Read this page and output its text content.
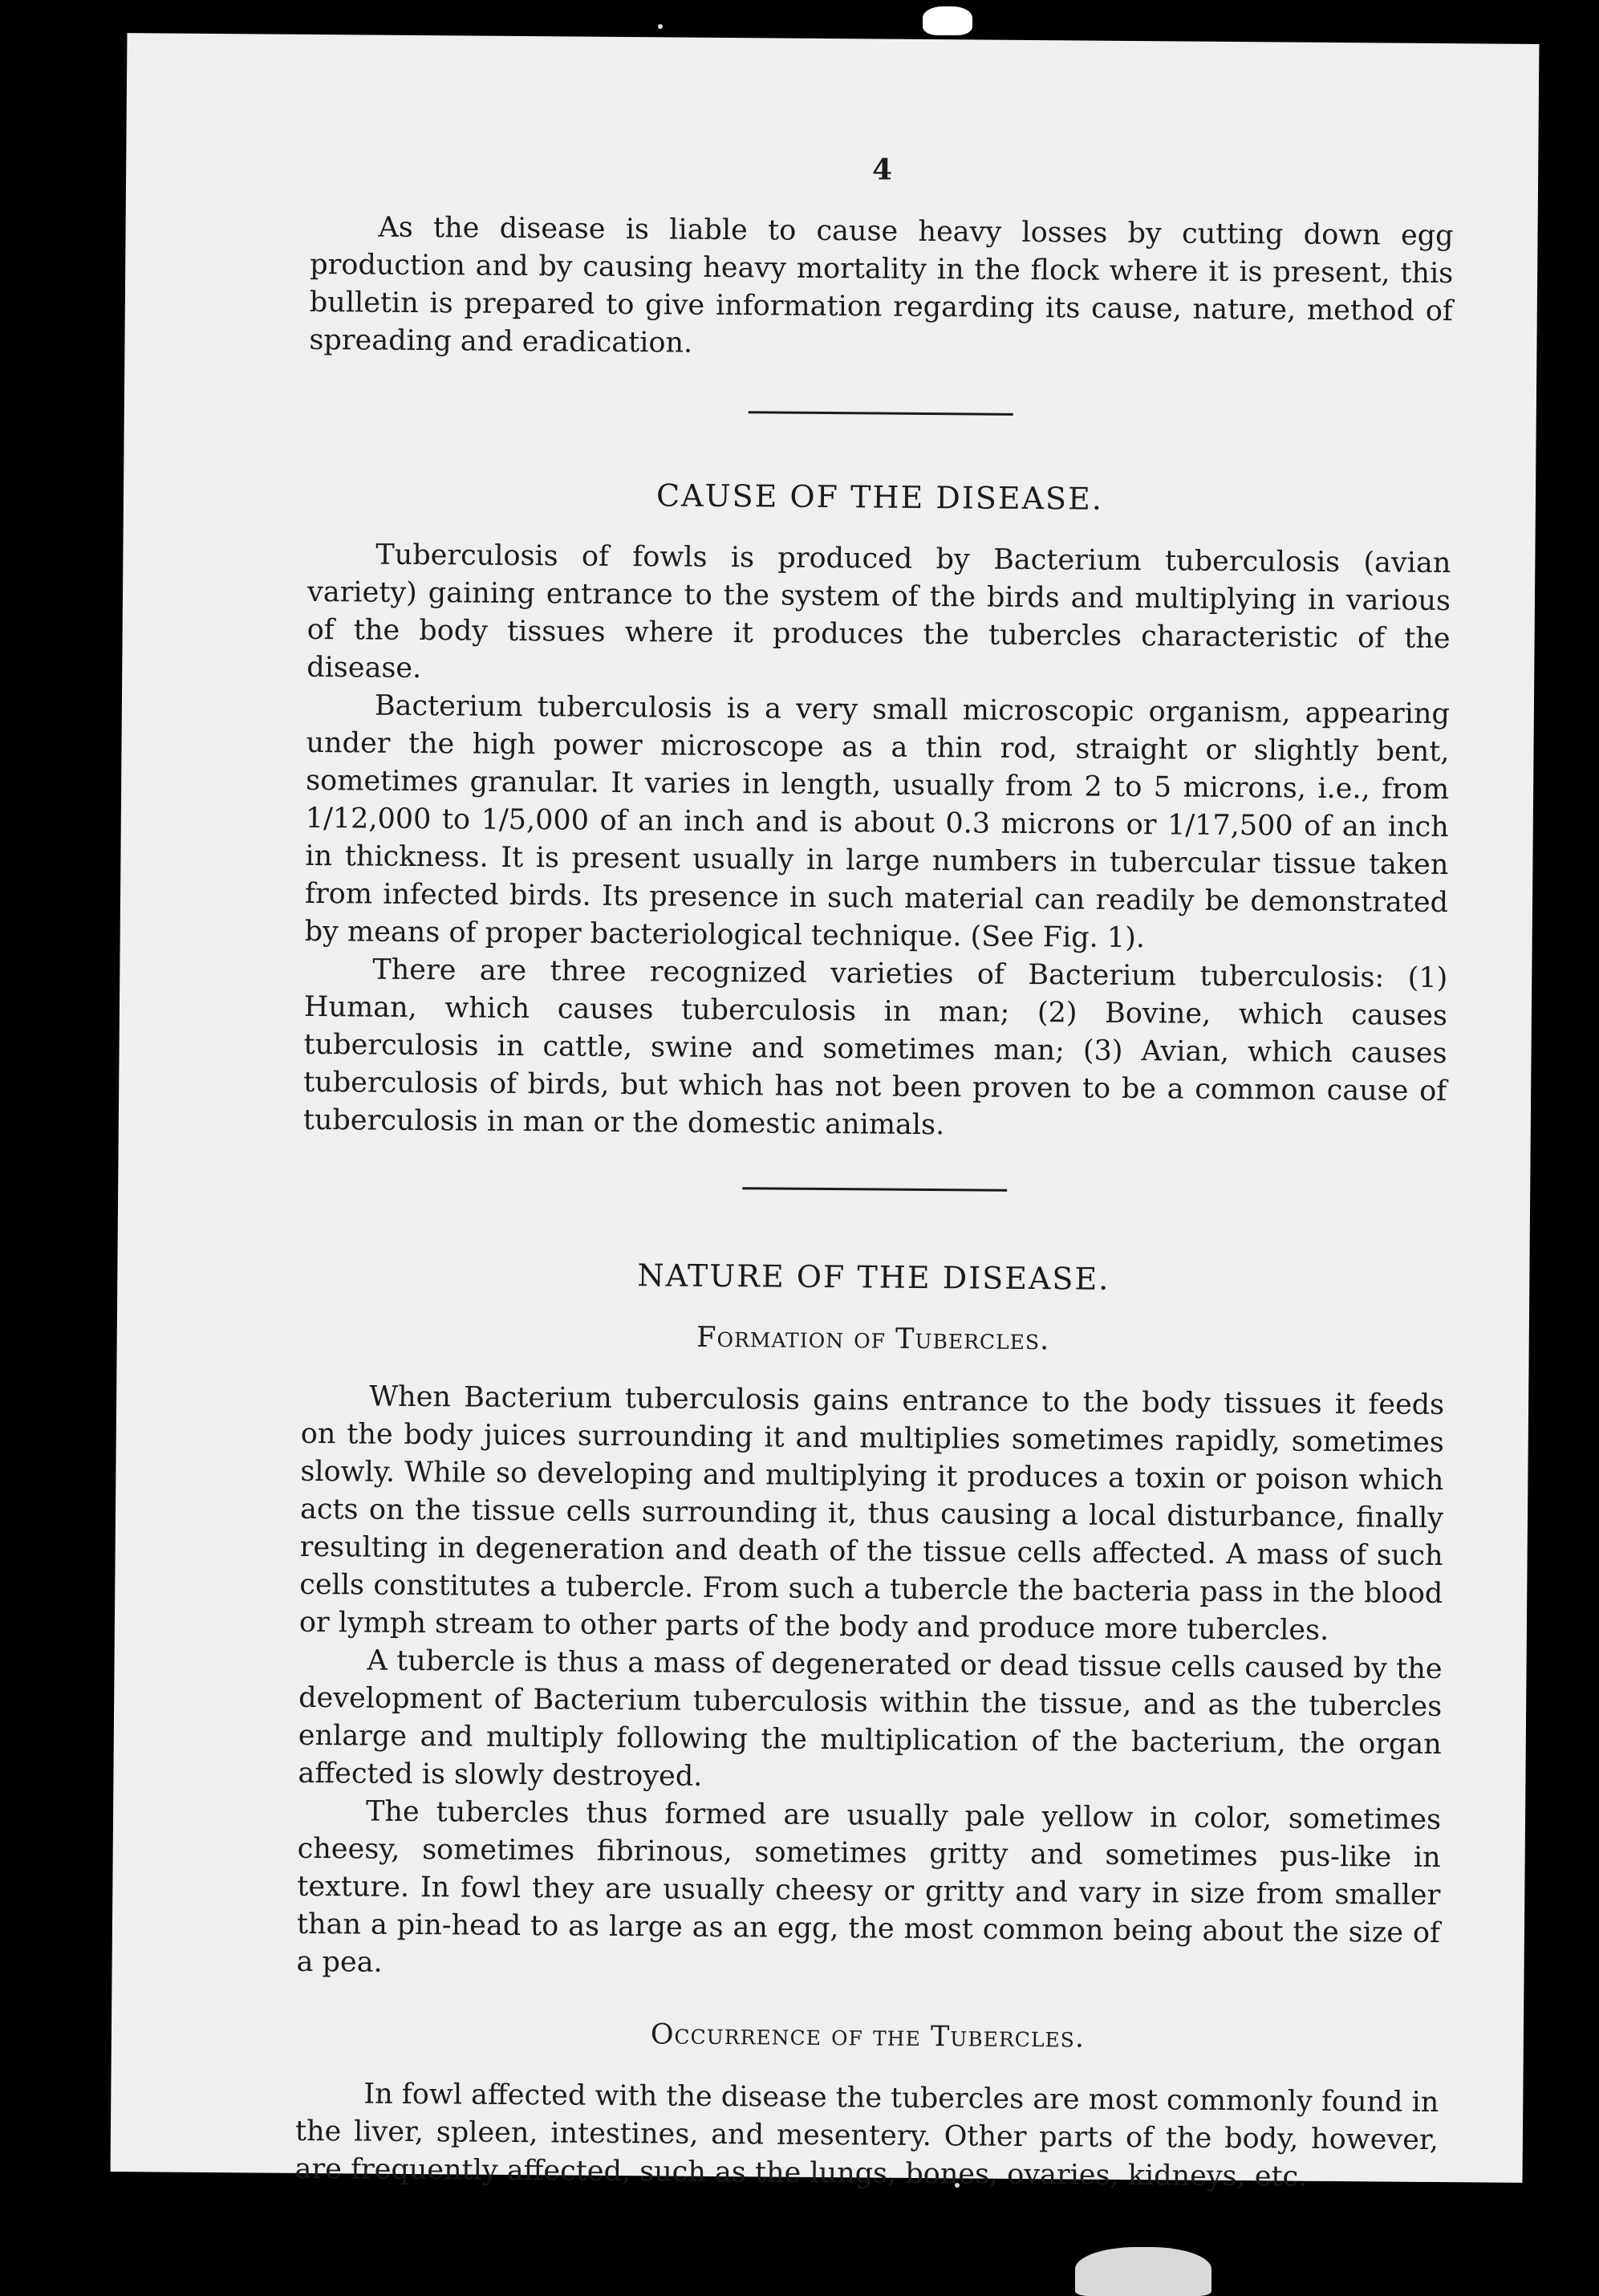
4

As the disease is liable to cause heavy losses by cutting down egg production and by causing heavy mortality in the flock where it is present, this bulletin is prepared to give information regarding its cause, nature, method of spreading and eradication.

CAUSE OF THE DISEASE.

Tuberculosis of fowls is produced by Bacterium tuberculosis (avian variety) gaining entrance to the system of the birds and multiplying in various of the body tissues where it produces the tubercles characteristic of the disease.

Bacterium tuberculosis is a very small microscopic organism, appearing under the high power microscope as a thin rod, straight or slightly bent, sometimes granular. It varies in length, usually from 2 to 5 microns, i.e., from 1/12,000 to 1/5,000 of an inch and is about 0.3 microns or 1/17,500 of an inch in thickness. It is present usually in large numbers in tubercular tissue taken from infected birds. Its presence in such material can readily be demonstrated by means of proper bacteriological technique. (See Fig. 1).

There are three recognized varieties of Bacterium tuberculosis: (1) Human, which causes tuberculosis in man; (2) Bovine, which causes tuberculosis in cattle, swine and sometimes man; (3) Avian, which causes tuberculosis of birds, but which has not been proven to be a common cause of tuberculosis in man or the domestic animals.

NATURE OF THE DISEASE.
Formation of Tubercles.

When Bacterium tuberculosis gains entrance to the body tissues it feeds on the body juices surrounding it and multiplies sometimes rapidly, sometimes slowly. While so developing and multiplying it produces a toxin or poison which acts on the tissue cells surrounding it, thus causing a local disturbance, finally resulting in degeneration and death of the tissue cells affected. A mass of such cells constitutes a tubercle. From such a tubercle the bacteria pass in the blood or lymph stream to other parts of the body and produce more tubercles.

A tubercle is thus a mass of degenerated or dead tissue cells caused by the development of Bacterium tuberculosis within the tissue, and as the tubercles enlarge and multiply following the multiplication of the bacterium, the organ affected is slowly destroyed.

The tubercles thus formed are usually pale yellow in color, sometimes cheesy, sometimes fibrinous, sometimes gritty and sometimes pus-like in texture. In fowl they are usually cheesy or gritty and vary in size from smaller than a pin-head to as large as an egg, the most common being about the size of a pea.

Occurrence of the Tubercles.

In fowl affected with the disease the tubercles are most commonly found in the liver, spleen, intestines, and mesentery. Other parts of the body, however, are frequently affected, such as the lungs, bones, ovaries, kidneys, etc.
